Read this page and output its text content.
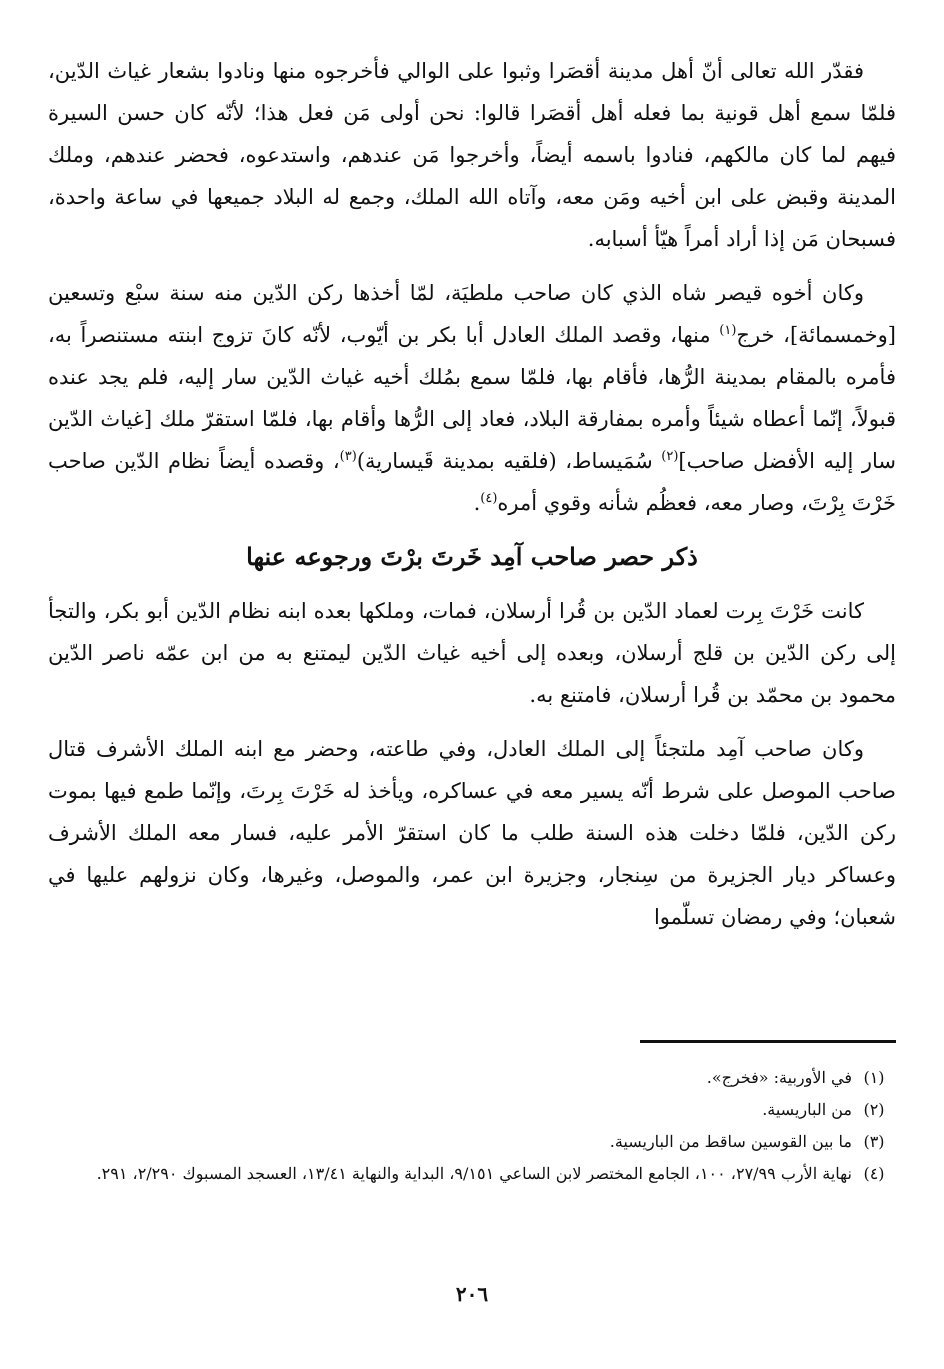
فقدّر الله تعالى أنّ أهل مدينة أقصَرا وثبوا على الوالي فأخرجوه منها ونادوا بشعار غياث الدّين، فلمّا سمع أهل قونية بما فعله أهل أقصَرا قالوا: نحن أولى مَن فعل هذا؛ لأنّه كان حسن السيرة فيهم لما كان مالكهم، فنادوا باسمه أيضاً، وأخرجوا مَن عندهم، واستدعوه، فحضر عندهم، وملك المدينة وقبض على ابن أخيه ومَن معه، وآتاه الله الملك، وجمع له البلاد جميعها في ساعة واحدة، فسبحان مَن إذا أراد أمراً هيّأ أسبابه.

وكان أخوه قيصر شاه الذي كان صاحب ملطيَة، لمّا أخذها ركن الدّين منه سنة سبْع وتسعين [وخمسمائة]، خرج$^{(١)}$ منها، وقصد الملك العادل أبا بكر بن أيّوب، لأنّه كانَ تزوج ابنته مستنصراً به، فأمره بالمقام بمدينة الرُّها، فأقام بها، فلمّا سمع بمُلك أخيه غياث الدّين سار إليه، فلم يجد عنده قبولاً، إنّما أعطاه شيئاً وأمره بمفارقة البلاد، فعاد إلى الرُّها وأقام بها، فلمّا استقرّ ملك [غياث الدّين سار إليه الأفضل صاحب]$^{(٢)}$ سُمَيساط، (فلقيه بمدينة قَيسارية)$^{(٣)}$، وقصده أيضاً نظام الدّين صاحب خَرْتَ بِرْتَ، وصار معه، فعظُم شأنه وقوي أمره$^{(٤)}$.

ذكر حصر صاحب آمِد خَرتَ برْتَ ورجوعه عنها

كانت خَرْتَ بِرت لعماد الدّين بن قُرا أرسلان، فمات، وملكها بعده ابنه نظام الدّين أبو بكر، والتجأ إلى ركن الدّين بن قلج أرسلان، وبعده إلى أخيه غياث الدّين ليمتنع به من ابن عمّه ناصر الدّين محمود بن محمّد بن قُرا أرسلان، فامتنع به.

وكان صاحب آمِد ملتجئاً إلى الملك العادل، وفي طاعته، وحضر مع ابنه الملك الأشرف قتال صاحب الموصل على شرط أنّه يسير معه في عساكره، ويأخذ له خَرْتَ بِرتَ، وإنّما طمع فيها بموت ركن الدّين، فلمّا دخلت هذه السنة طلب ما كان استقرّ الأمر عليه، فسار معه الملك الأشرف وعساكر ديار الجزيرة من سِنجار، وجزيرة ابن عمر، والموصل، وغيرها، وكان نزولهم عليها في شعبان؛ وفي رمضان تسلّموا

(١)
في الأوربية: «فخرج».
(٢)
من الباريسية.
(٣)
ما بين القوسين ساقط من الباريسية.
(٤)
نهاية الأرب ٢٧/٩٩، ١٠٠، الجامع المختصر لابن الساعي ٩/١٥١، البداية والنهاية ١٣/٤١، العسجد المسبوك ٢/٢٩٠، ٢٩١.
٢٠٦
